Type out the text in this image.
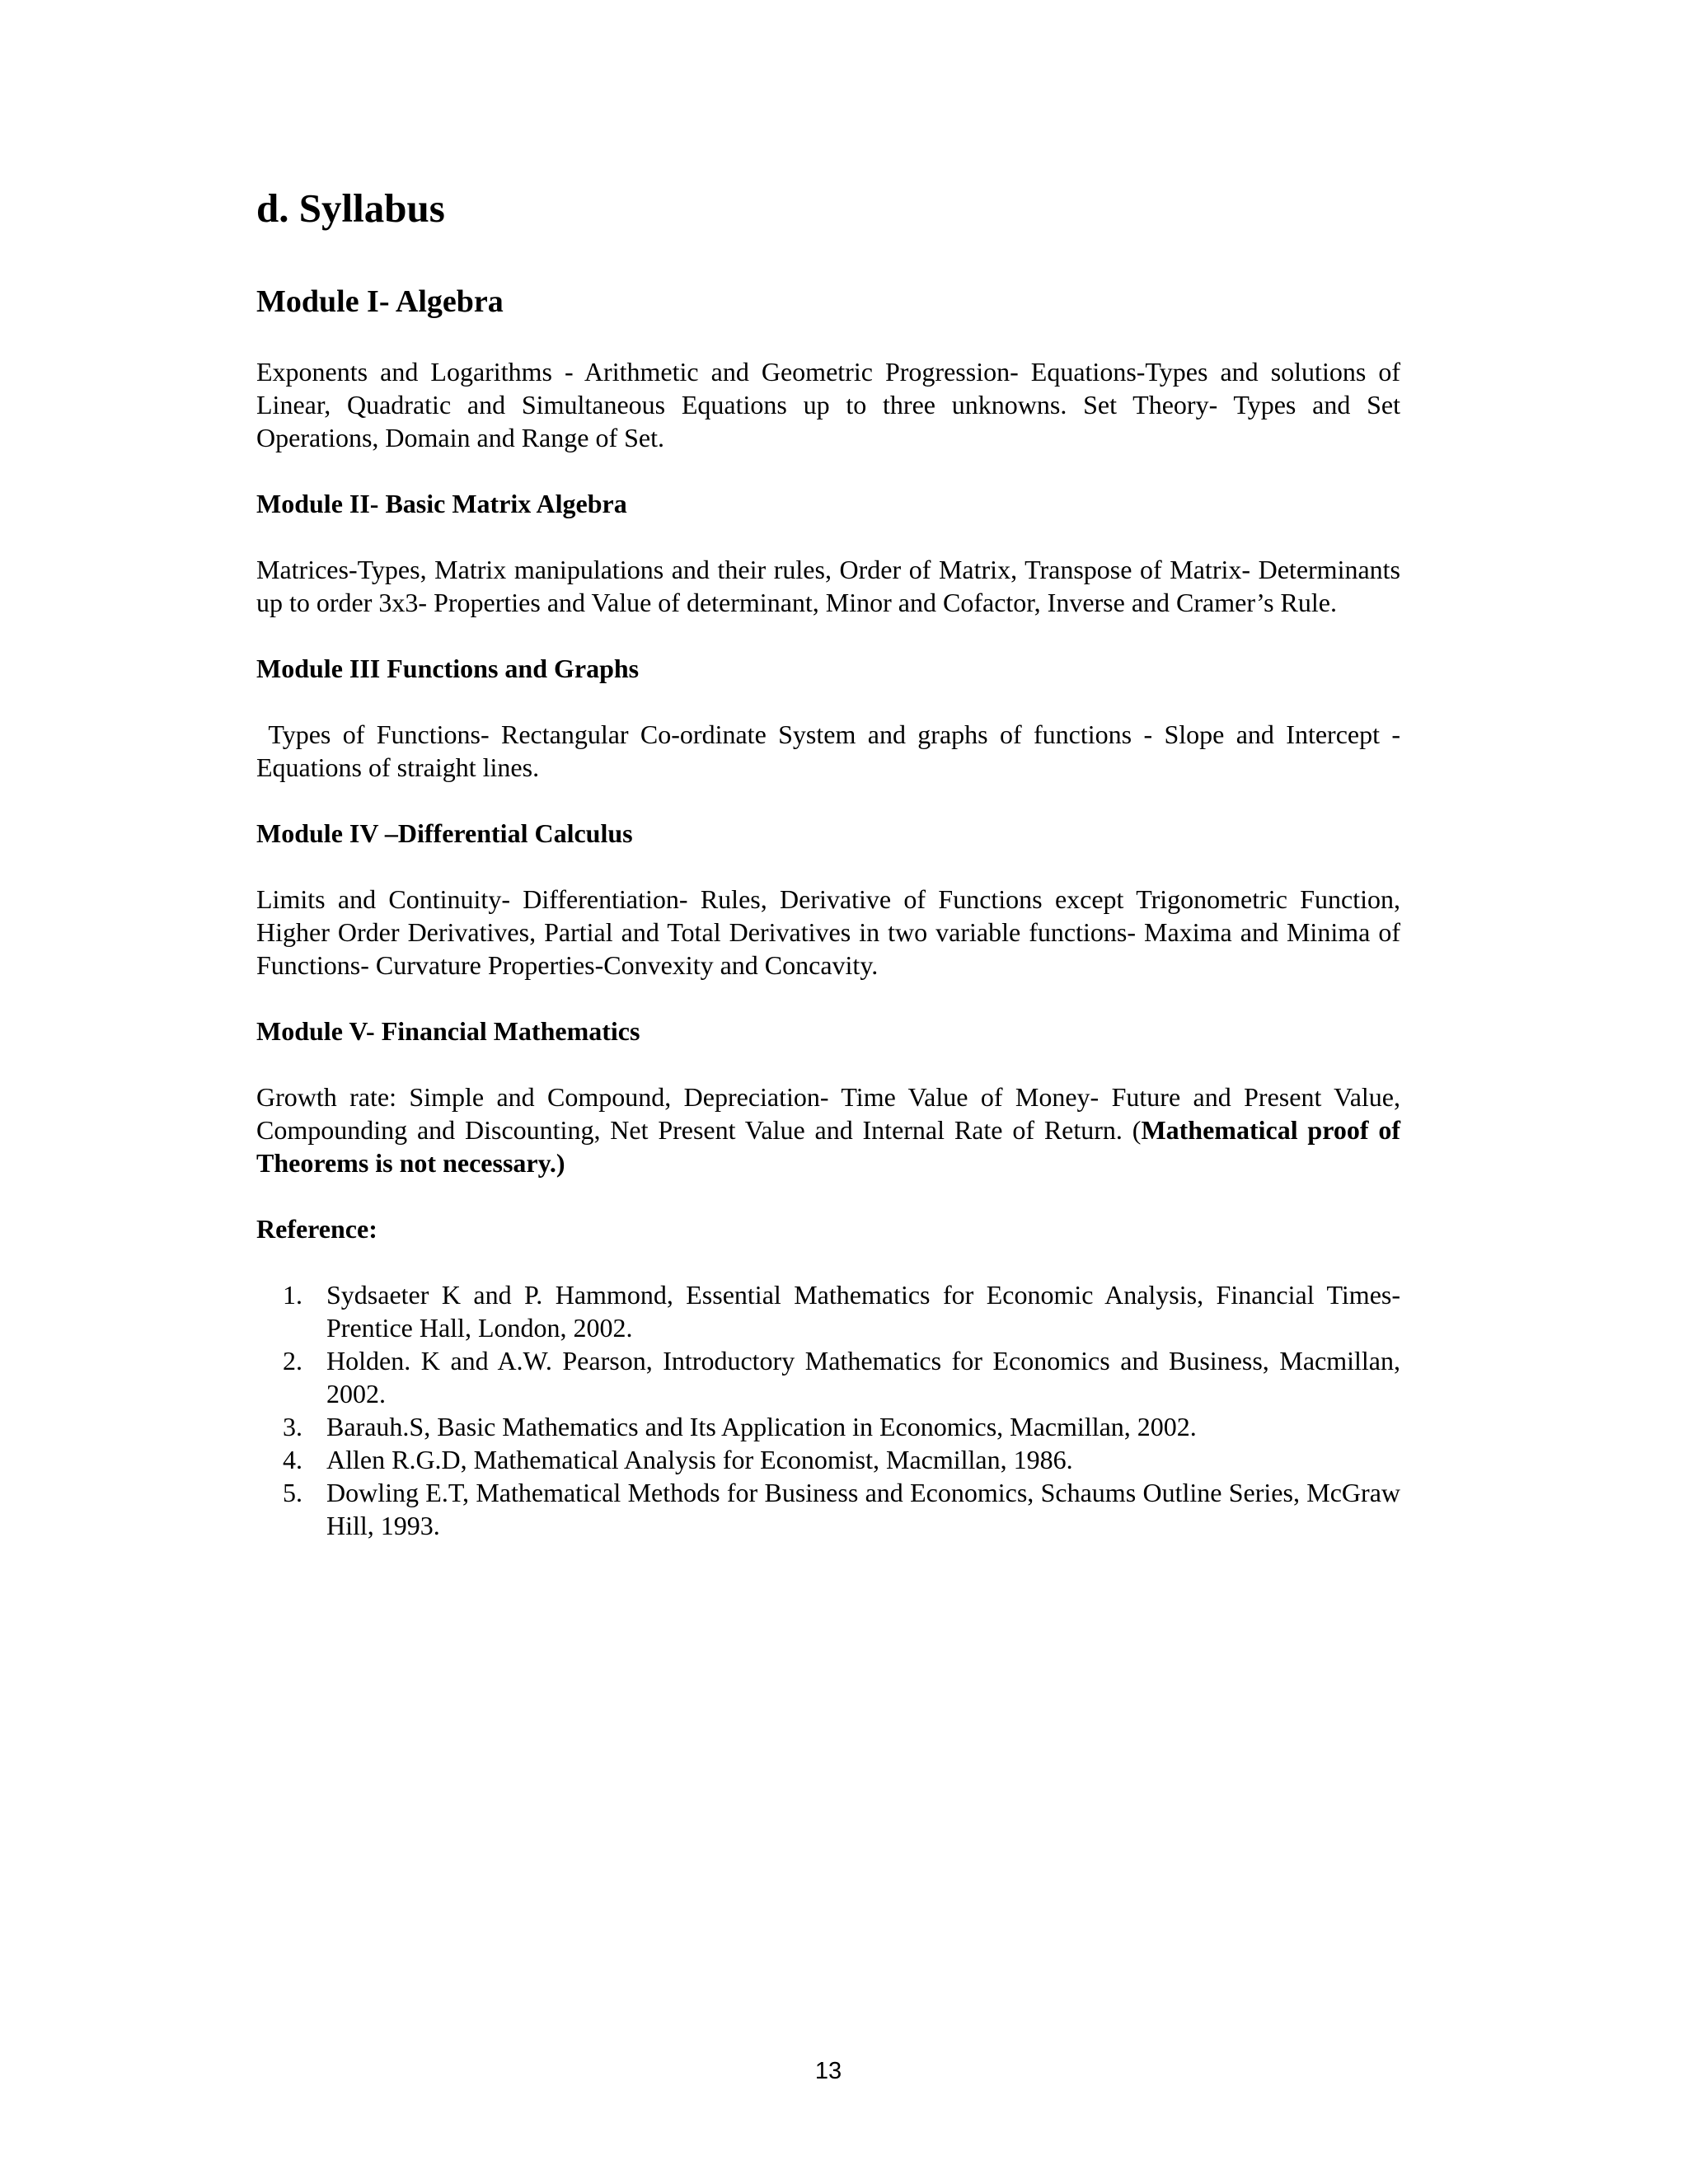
d. Syllabus
Module I- Algebra

Exponents and Logarithms - Arithmetic and Geometric Progression- Equations-Types and solutions of Linear, Quadratic and Simultaneous Equations up to three unknowns. Set Theory- Types and Set Operations, Domain and Range of Set.

Module II- Basic Matrix Algebra

Matrices-Types, Matrix manipulations and their rules, Order of Matrix, Transpose of Matrix- Determinants up to order 3x3- Properties and Value of determinant, Minor and Cofactor, Inverse and Cramer’s Rule.

Module III Functions and Graphs

Types of Functions- Rectangular Co-ordinate System and graphs of functions - Slope and Intercept - Equations of straight lines.

Module IV –Differential Calculus

Limits and Continuity- Differentiation- Rules, Derivative of Functions except Trigonometric Function, Higher Order Derivatives, Partial and Total Derivatives in two variable functions- Maxima and Minima of Functions- Curvature Properties-Convexity and Concavity.

Module V- Financial Mathematics

Growth rate: Simple and Compound, Depreciation- Time Value of Money- Future and Present Value, Compounding and Discounting, Net Present Value and Internal Rate of Return. (Mathematical proof of Theorems is not necessary.)

Reference:
1. Sydsaeter K and P. Hammond, Essential Mathematics for Economic Analysis, Financial Times- Prentice Hall, London, 2002.
2. Holden. K and A.W. Pearson, Introductory Mathematics for Economics and Business, Macmillan, 2002.
3. Barauh.S, Basic Mathematics and Its Application in Economics, Macmillan, 2002.
4. Allen R.G.D, Mathematical Analysis for Economist, Macmillan, 1986.
5. Dowling E.T, Mathematical Methods for Business and Economics, Schaums Outline Series, McGraw Hill, 1993.
13
